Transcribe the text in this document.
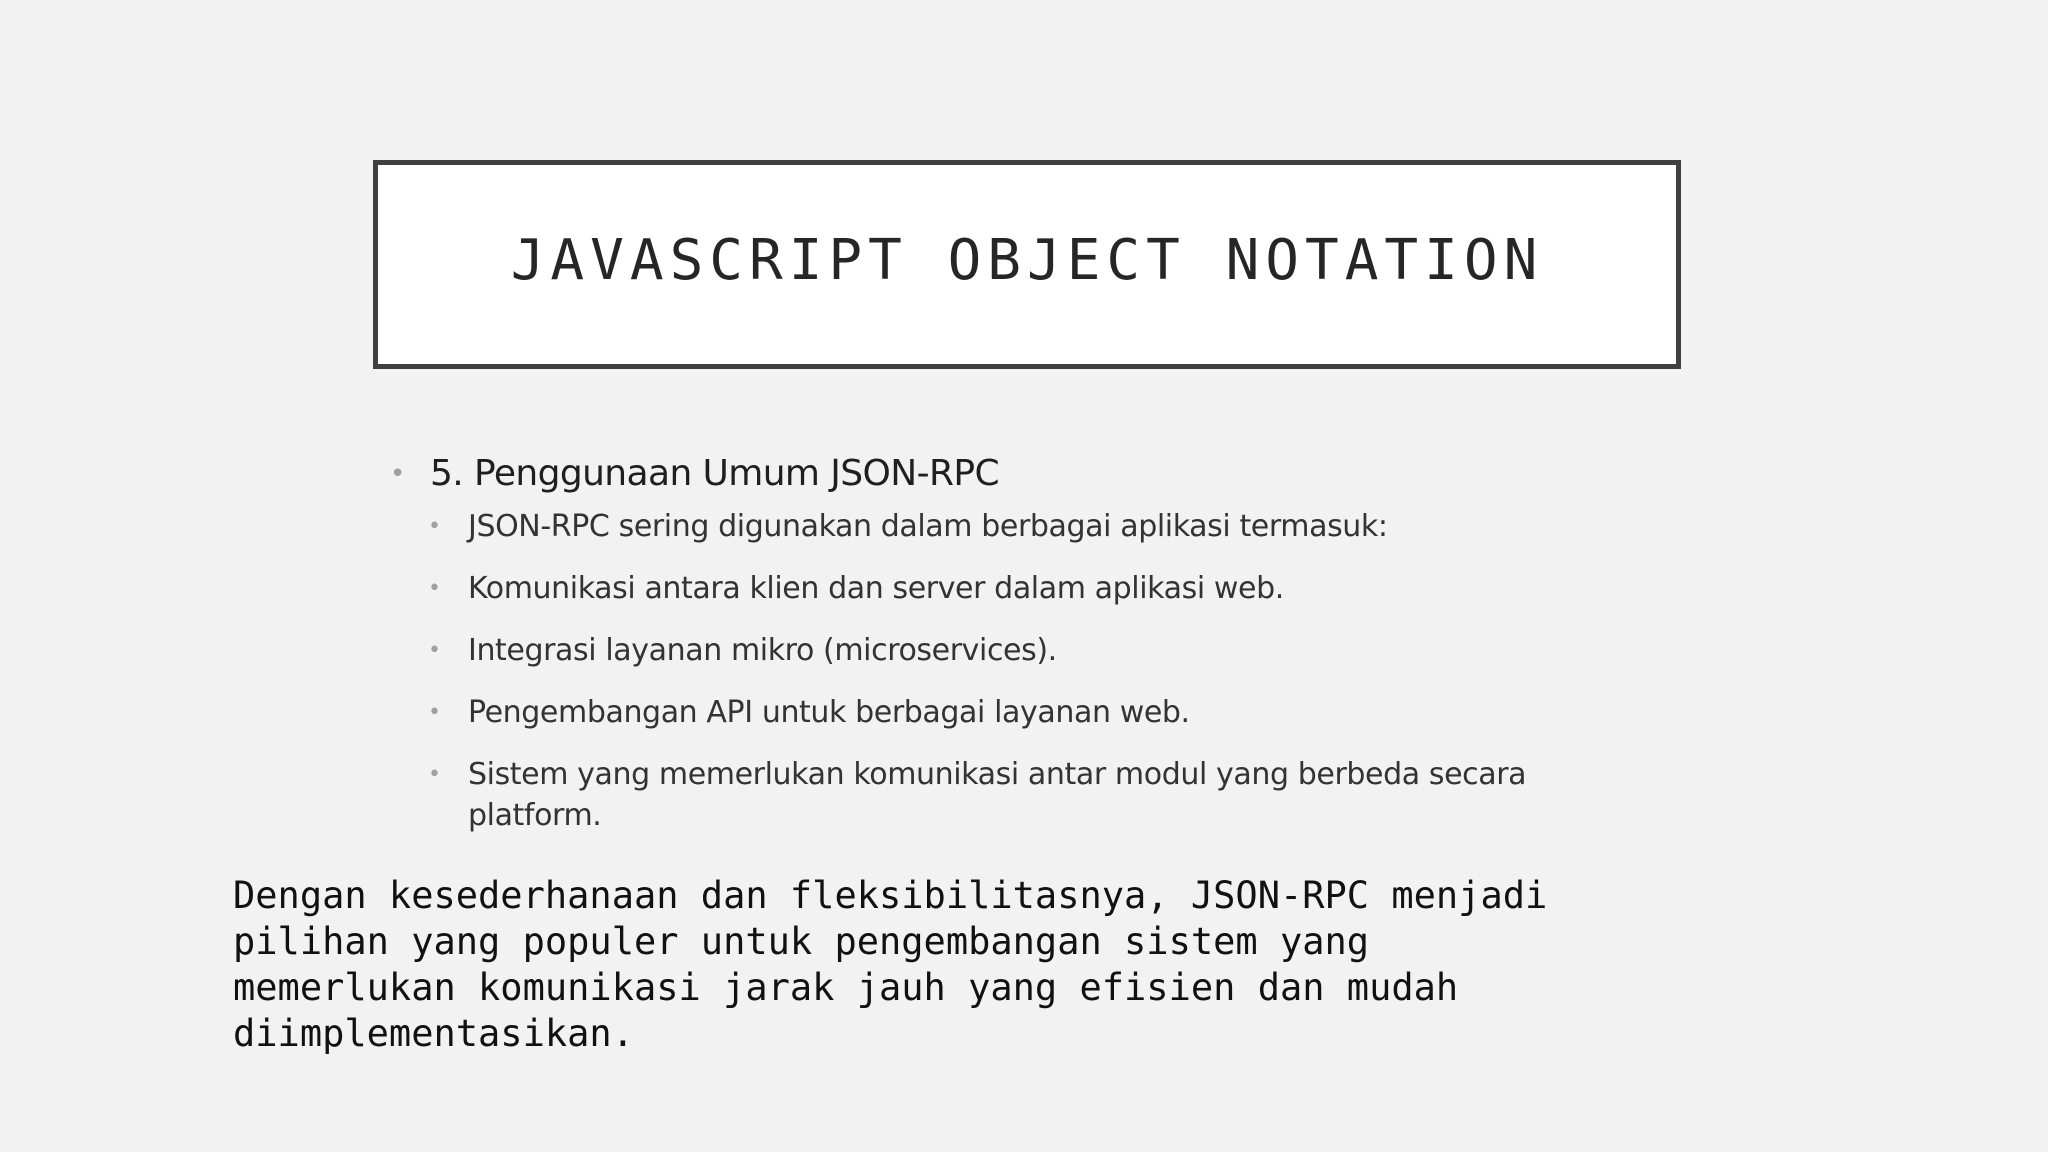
JAVASCRIPT OBJECT NOTATION
• 5. Penggunaan Umum JSON-RPC
• JSON-RPC sering digunakan dalam berbagai aplikasi termasuk:
• Komunikasi antara klien dan server dalam aplikasi web.
• Integrasi layanan mikro (microservices).
• Pengembangan API untuk berbagai layanan web.
• Sistem yang memerlukan komunikasi antar modul yang berbeda secara platform.
Dengan kesederhanaan dan fleksibilitasnya, JSON-RPC menjadi
pilihan yang populer untuk pengembangan sistem yang
memerlukan komunikasi jarak jauh yang efisien dan mudah
diimplementasikan.
